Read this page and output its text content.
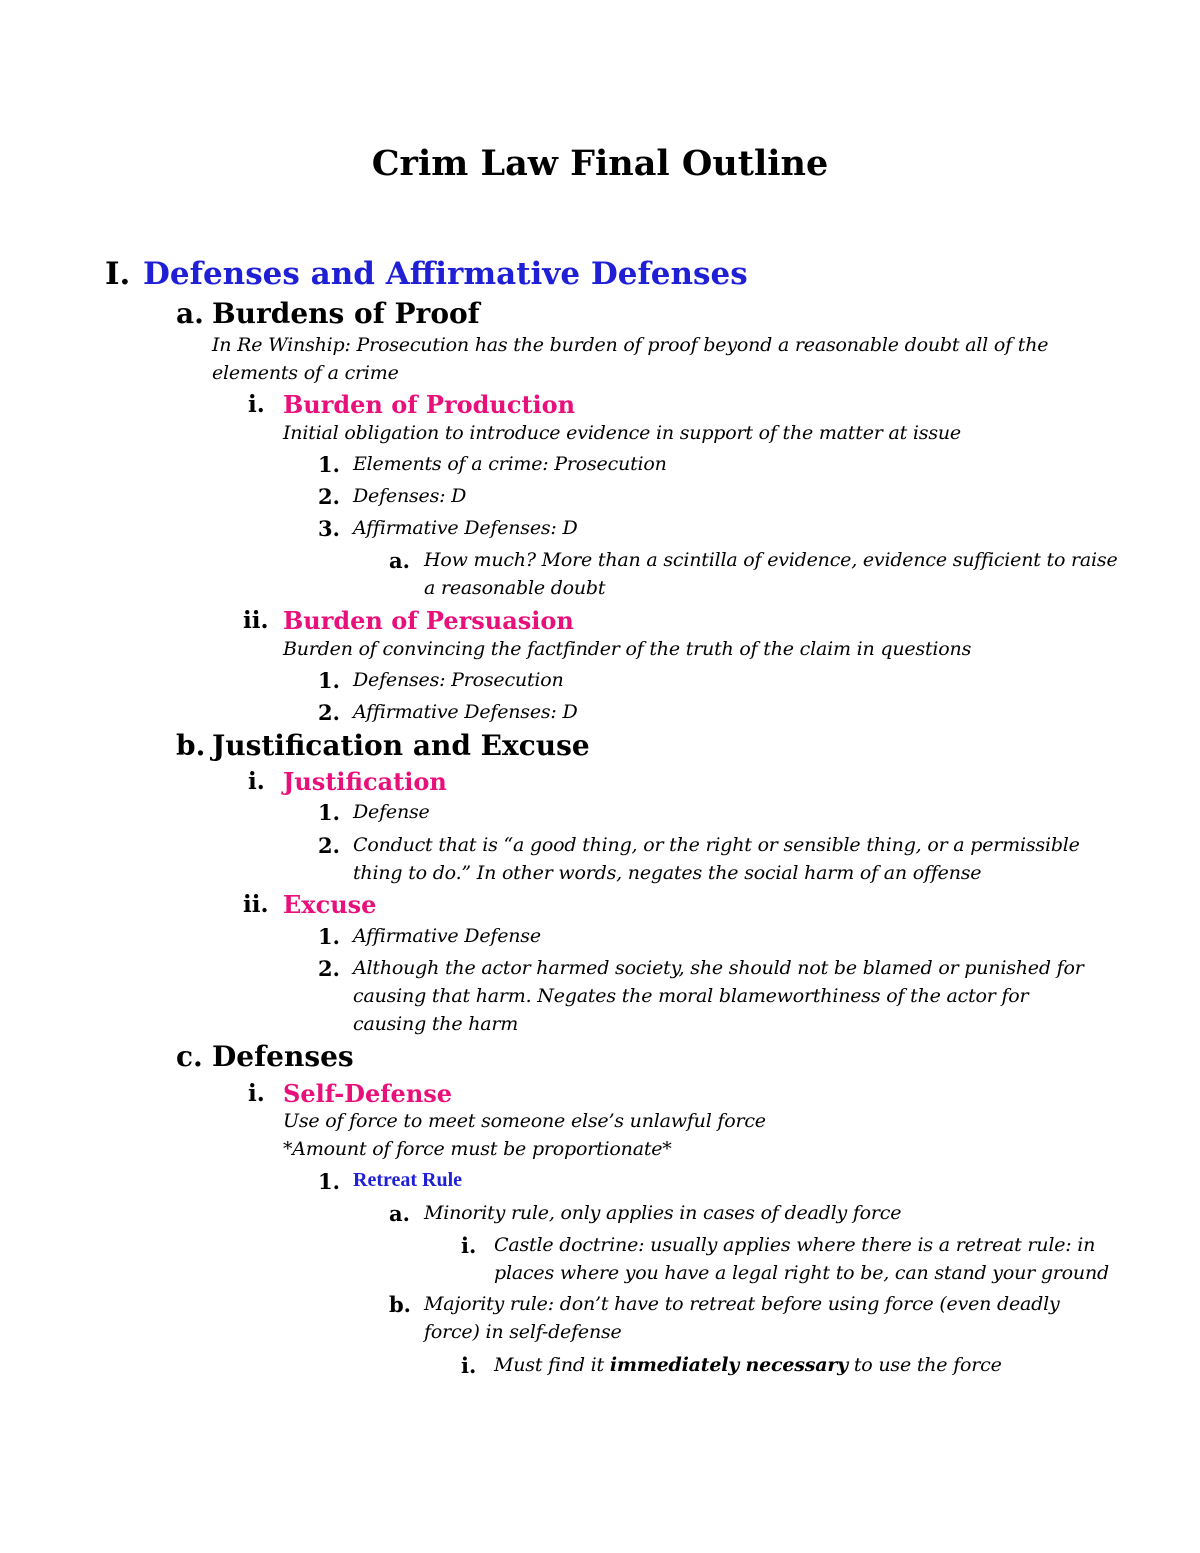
Crim Law Final Outline
I. Defenses and Affirmative Defenses
a. Burdens of Proof
In Re Winship: Prosecution has the burden of proof beyond a reasonable doubt all of the
elements of a crime
i. Burden of Production
Initial obligation to introduce evidence in support of the matter at issue
1. Elements of a crime: Prosecution
2. Defenses: D
3. Affirmative Defenses: D
a. How much? More than a scintilla of evidence, evidence sufficient to raise
a reasonable doubt
ii. Burden of Persuasion
Burden of convincing the factfinder of the truth of the claim in questions
1. Defenses: Prosecution
2. Affirmative Defenses: D
b. Justification and Excuse
i. Justification
1. Defense
2. Conduct that is “a good thing, or the right or sensible thing, or a permissible
thing to do.” In other words, negates the social harm of an offense
ii. Excuse
1. Affirmative Defense
2. Although the actor harmed society, she should not be blamed or punished for
causing that harm. Negates the moral blameworthiness of the actor for
causing the harm
c. Defenses
i. Self-Defense
Use of force to meet someone else’s unlawful force
*Amount of force must be proportionate*
1. Retreat Rule
a. Minority rule, only applies in cases of deadly force
i. Castle doctrine: usually applies where there is a retreat rule: in
places where you have a legal right to be, can stand your ground
b. Majority rule: don’t have to retreat before using force (even deadly
force) in self-defense
i. Must find it immediately necessary to use the force
